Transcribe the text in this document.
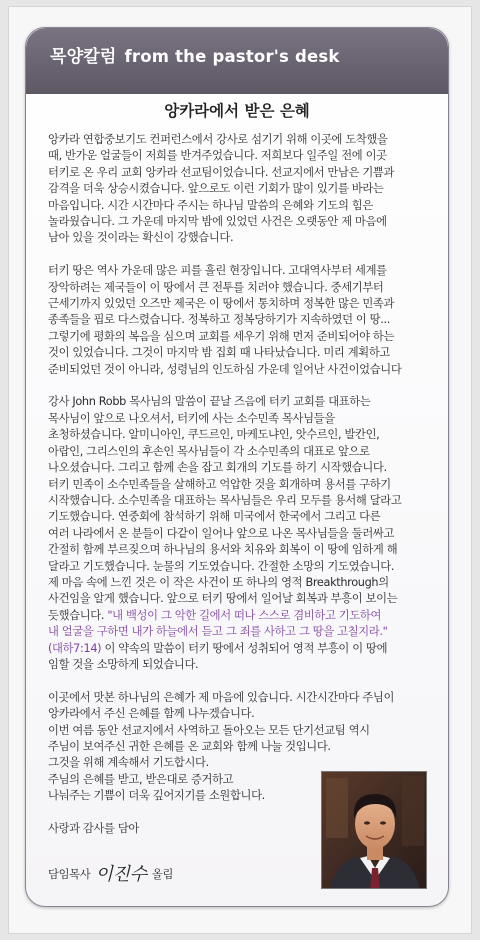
목양칼럼 from the pastor's desk
앙카라에서 받은 은혜

앙카라 연합중보기도 컨퍼런스에서 강사로 섬기기 위해 이곳에 도착했을
때, 반가운 얼굴들이 저희를 반겨주었습니다. 저희보다 일주일 전에 이곳
터키로 온 우리 교회 앙카라 선교팀이었습니다. 선교지에서 만남은 기쁨과
감격을 더욱 상승시켰습니다. 앞으로도 이런 기회가 많이 있기를 바라는
마음입니다. 시간 시간마다 주시는 하나님 말씀의 은혜와 기도의 힘은
놀라웠습니다. 그 가운데 마지막 밤에 있었던 사건은 오랫동안 제 마음에
남아 있을 것이라는 확신이 강했습니다.

터키 땅은 역사 가운데 많은 피를 흘린 현장입니다. 고대역사부터 세계를
장악하려는 제국들이 이 땅에서 큰 전투를 치러야 했습니다. 중세기부터
근세기까지 있었던 오즈만 제국은 이 땅에서 통치하며 정복한 많은 민족과
종족들을 핍로 다스렸습니다. 정복하고 정복당하기가 지속하였던 이 땅...
그렇기에 평화의 복음을 심으며 교회를 세우기 위해 먼저 준비되어야 하는
것이 있었습니다. 그것이 마지막 밤 집회 때 나타났습니다. 미리 계획하고
준비되었던 것이 아니라, 성령님의 인도하심 가운데 일어난 사건이었습니다

강사 John Robb 목사님의 말씀이 끝날 즈음에 터키 교회를 대표하는
목사님이 앞으로 나오셔서, 터키에 사는 소수민족 목사님들을
초청하셨습니다. 알미니아인, 쿠드르인, 마케도냐인, 앗수르인, 발칸인,
아랍인, 그리스인의 후손인 목사님들이 각 소수민족의 대표로 앞으로
나오셨습니다. 그리고 함께 손을 잡고 회개의 기도를 하기 시작했습니다.
터키 민족이 소수민족들을 살해하고 억압한 것을 회개하며 용서를 구하기
시작했습니다. 소수민족을 대표하는 목사님들은 우리 모두를 용서해 달라고
기도했습니다. 연중회에 참석하기 위해 미국에서 한국에서 그리고 다른
여러 나라에서 온 분들이 다같이 일어나 앞으로 나온 목사님들을 둘러싸고
간절히 함께 부르짖으며 하나님의 용서와 치유와 회복이 이 땅에 임하게 해
달라고 기도했습니다. 눈물의 기도였습니다. 간절한 소망의 기도였습니다.
제 마음 속에 느낀 것은 이 작은 사건이 또 하나의 영적 Breakthrough의
사건임을 알게 했습니다. 앞으로 터키 땅에서 일어날 회복과 부흥이 보이는
듯했습니다. "내 백성이 그 악한 길에서 떠나 스스로 겸비하고 기도하여
내 얼굴을 구하면 내가 하늘에서 듣고 그 죄를 사하고 그 땅을 고칠지라."
(대하7:14) 이 약속의 말씀이 터키 땅에서 성취되어 영적 부흥이 이 땅에
임할 것을 소망하게 되었습니다.

이곳에서 맛본 하나님의 은혜가 제 마음에 있습니다. 시간시간마다 주님이
앙카라에서 주신 은혜를 함께 나누겠습니다.
이번 여름 동안 선교지에서 사역하고 돌아오는 모든 단기선교팀 역시
주님이 보여주신 귀한 은혜를 온 교회와 함께 나눌 것입니다.
그것을 위해 계속해서 기도합시다.
주님의 은혜를 받고, 받은대로 증거하고
나눠주는 기쁨이 더욱 깊어지기를 소원합니다.

사랑과 감사를 담아

담임목사 이진수 올림
